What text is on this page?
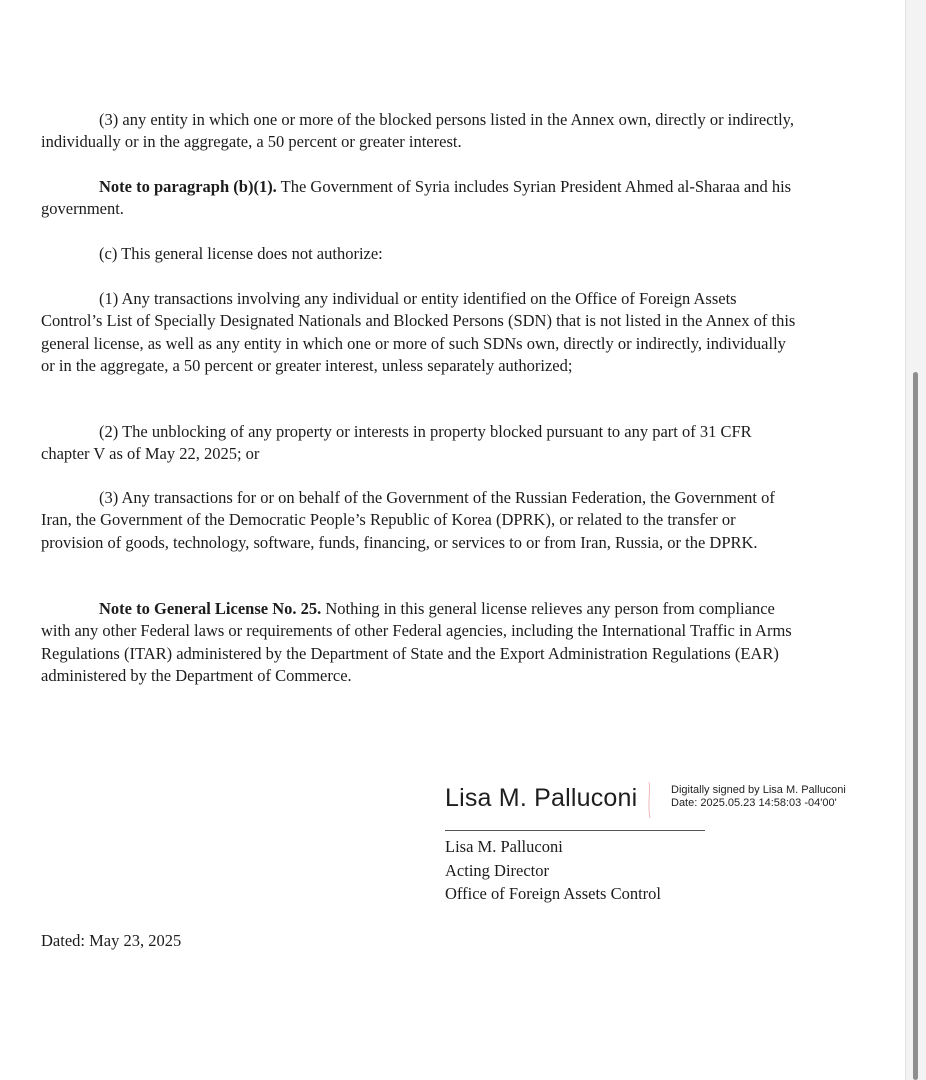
(3) any entity in which one or more of the blocked persons listed in the Annex own, directly or indirectly, individually or in the aggregate, a 50 percent or greater interest.

Note to paragraph (b)(1). The Government of Syria includes Syrian President Ahmed al-Sharaa and his government.

(c) This general license does not authorize:

(1) Any transactions involving any individual or entity identified on the Office of Foreign Assets Control’s List of Specially Designated Nationals and Blocked Persons (SDN) that is not listed in the Annex of this general license, as well as any entity in which one or more of such SDNs own, directly or indirectly, individually or in the aggregate, a 50 percent or greater interest, unless separately authorized;

(2) The unblocking of any property or interests in property blocked pursuant to any part of 31 CFR chapter V as of May 22, 2025; or

(3) Any transactions for or on behalf of the Government of the Russian Federation, the Government of Iran, the Government of the Democratic People’s Republic of Korea (DPRK), or related to the transfer or provision of goods, technology, software, funds, financing, or services to or from Iran, Russia, or the DPRK.

Note to General License No. 25. Nothing in this general license relieves any person from compliance with any other Federal laws or requirements of other Federal agencies, including the International Traffic in Arms Regulations (ITAR) administered by the Department of State and the Export Administration Regulations (EAR) administered by the Department of Commerce.

Lisa M. Palluconi	Digitally signed by Lisa M. Palluconi
Date: 2025.05.23 14:58:03 -04'00'
Lisa M. Palluconi
Acting Director
Office of Foreign Assets Control
Dated: May 23, 2025
